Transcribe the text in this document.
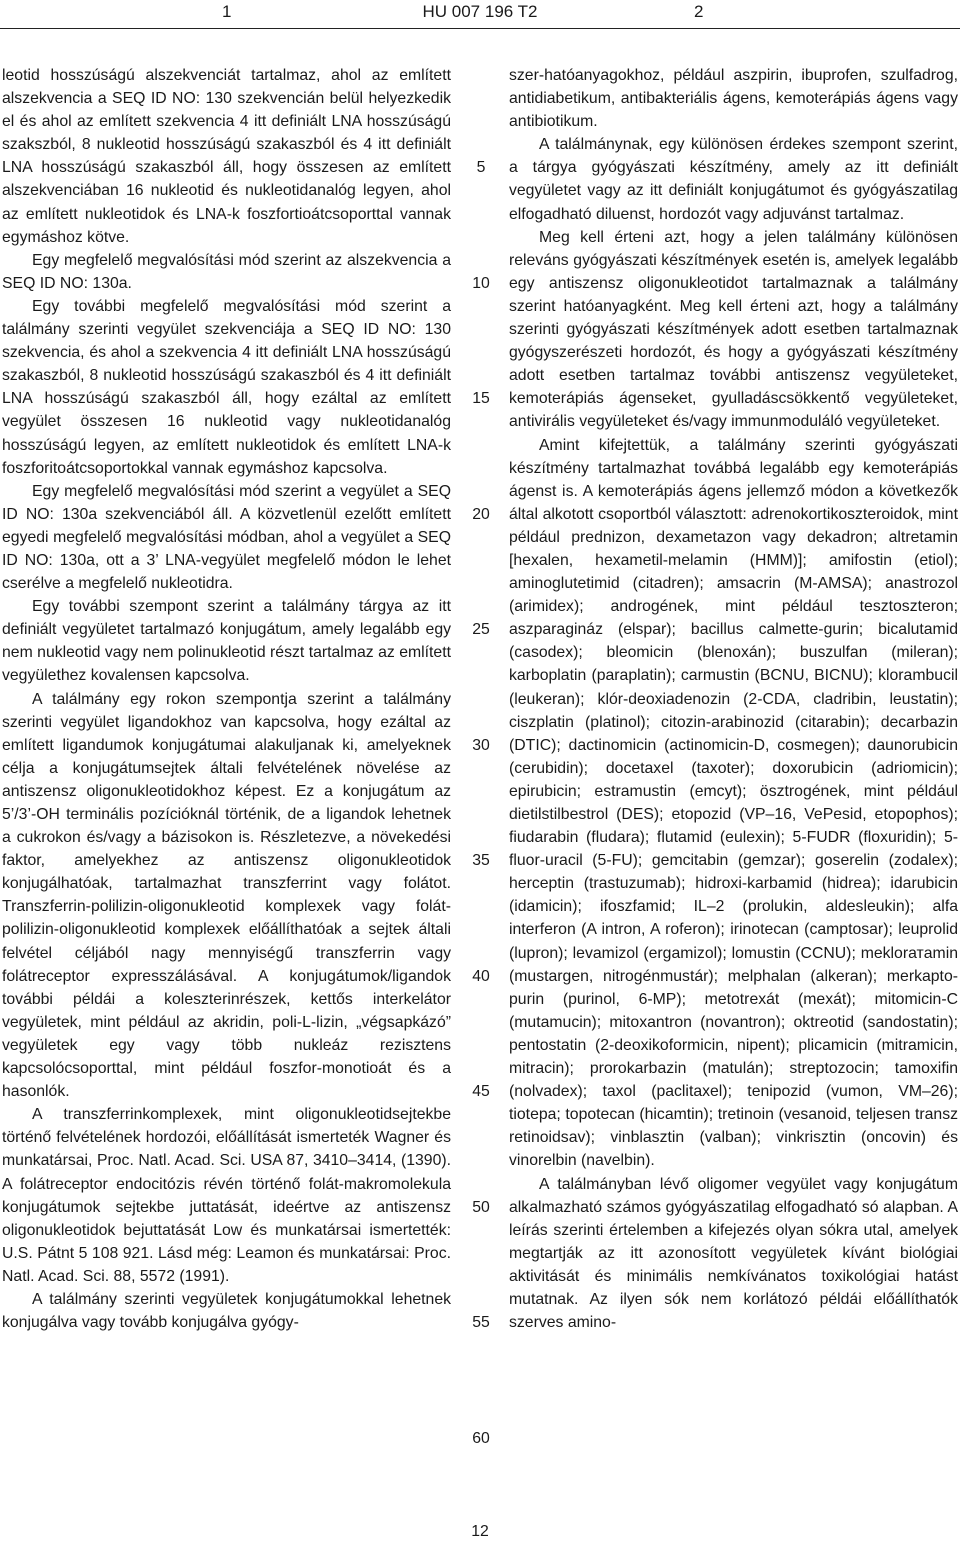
1	HU 007 196 T2	2

leotid hosszúságú alszekvenciát tartalmaz, ahol az említett alszekvencia a SEQ ID NO: 130 szekvencián belül helyezkedik el és ahol az említett szekvencia 4 itt definiált LNA hosszúságú szakszból, 8 nukleotid hosszúságú szakaszból és 4 itt definiált LNA hosszúságú szakaszból áll, hogy összesen az említett alszekvenciában 16 nukleotid és nukleotidanalóg legyen, ahol az említett nukleotidok és LNA-k foszfortioátcsoporttal vannak egymáshoz kötve.

Egy megfelelő megvalósítási mód szerint az alszekvencia a SEQ ID NO: 130a.

Egy további megfelelő megvalósítási mód szerint a találmány szerinti vegyület szekvenciája a SEQ ID NO: 130 szekvencia, és ahol a szekvencia 4 itt definiált LNA hosszúságú szakaszból, 8 nukleotid hosszúságú szakaszból és 4 itt definiált LNA hosszúságú szakaszból áll, hogy ezáltal az említett vegyület összesen 16 nukleotid vagy nukleotidanalóg hosszúságú legyen, az említett nukleotidok és említett LNA-k foszforitoátcsoportokkal vannak egymáshoz kapcsolva.

Egy megfelelő megvalósítási mód szerint a vegyület a SEQ ID NO: 130a szekvenciából áll. A közvetlenül ezelőtt említett egyedi megfelelő megvalósítási módban, ahol a vegyület a SEQ ID NO: 130a, ott a 3’ LNA-vegyület megfelelő módon le lehet cserélve a megfelelő nukleotidra.

Egy további szempont szerint a találmány tárgya az itt definiált vegyületet tartalmazó konjugátum, amely legalább egy nem nukleotid vagy nem polinukleotid részt tartalmaz az említett vegyülethez kovalensen kapcsolva.

A találmány egy rokon szempontja szerint a találmány szerinti vegyület ligandokhoz van kapcsolva, hogy ezáltal az említett ligandumok konjugátumai alakuljanak ki, amelyeknek célja a konjugátumsejtek általi felvételének növelése az antiszensz oligonukleotidokhoz képest. Ez a konjugátum az 5’/3’-OH terminális pozícióknál történik, de a ligandok lehetnek a cukrokon és/vagy a bázisokon is. Részletezve, a növekedési faktor, amelyekhez az antiszensz oligonukleotidok konjugálhatóak, tartalmazhat transzferrint vagy folátot. Transzferrin-polilizin-oligonukleotid komplexek vagy folát-polilizin-oligonukleotid komplexek előállíthatóak a sejtek általi felvétel céljából nagy mennyiségű transzferrin vagy folátreceptor expresszálásával. A konjugátumok/ligandok további példái a koleszterinrészek, kettős interkelátor vegyületek, mint például az akridin, poli-L-lizin, „végsapkázó” vegyületek egy vagy több nukleáz rezisztens kapcsolócsoporttal, mint például foszfor-monotioát és a hasonlók.

A transzferrinkomplexek, mint oligonukleotidsejtekbe történő felvételének hordozói, előállítását ismerteték Wagner és munkatársai, Proc. Natl. Acad. Sci. USA 87, 3410–3414, (1390). A folátreceptor endocitózis révén történő folát-makromolekula konjugátumok sejtekbe juttatását, ideértve az antiszensz oligonukleotidok bejuttatását Low és munkatársai ismertették: U.S. Pátnt 5 108 921. Lásd még: Leamon és munkatársai: Proc. Natl. Acad. Sci. 88, 5572 (1991).

A találmány szerinti vegyületek konjugátumokkal lehetnek konjugálva vagy tovább konjugálva gyógy-

5
10
15
20
25
30
35
40
45
50
55
60

szer-hatóanyagokhoz, például aszpirin, ibuprofen, szulfadrog, antidiabetikum, antibakteriális ágens, kemoterápiás ágens vagy antibiotikum.

A találmánynak, egy különösen érdekes szempont szerint, a tárgya gyógyászati készítmény, amely az itt definiált vegyületet vagy az itt definiált konjugátumot és gyógyászatilag elfogadható diluenst, hordozót vagy adjuvánst tartalmaz.

Meg kell érteni azt, hogy a jelen találmány különösen releváns gyógyászati készítmények esetén is, amelyek legalább egy antiszensz oligonukleotidot tartalmaznak a találmány szerint hatóanyagként. Meg kell érteni azt, hogy a találmány szerinti gyógyászati készítmények adott esetben tartalmaznak gyógyszerészeti hordozót, és hogy a gyógyászati készítmény adott esetben tartalmaz további antiszensz vegyületeket, kemoterápiás ágenseket, gyulladáscsökkentő vegyületeket, antivirális vegyületeket és/vagy immunmoduláló vegyületeket.

Amint kifejtettük, a találmány szerinti gyógyászati készítmény tartalmazhat továbbá legalább egy kemoterápiás ágenst is. A kemoterápiás ágens jellemző módon a következők által alkotott csoportból választott: adrenokortikoszteroidok, mint például prednizon, dexametazon vagy dekadron; altretamin [hexalen, hexametil-melamin (HMM)]; amifostin (etiol); aminoglutetimid (citadren); amsacrin (M-AMSA); anastrozol (arimidex); androgének, mint például tesztoszteron; aszparagináz (elspar); bacillus calmette-gurin; bicalutamid (casodex); bleomicin (blenoxán); buszulfan (mileran); karboplatin (paraplatin); carmustin (BCNU, BICNU); klorambucil (leukeran); klór-deoxiadenozin (2-CDA, cladribin, leustatin); ciszplatin (platinol); citozin-arabinozid (citarabin); decarbazin (DTIC); dactinomicin (actinomicin-D, cosmegen); daunorubicin (cerubidin); docetaxel (taxoter); doxorubicin (adriomicin); epirubicin; estramustin (emcyt); ösztrogének, mint például dietilstilbestrol (DES); etopozid (VP–16, VePesid, etopophos); fiudarabin (fludara); flutamid (eulexin); 5-FUDR (floxuridin); 5-fluor-uracil (5-FU); gemcitabin (gemzar); goserelin (zodalex); herceptin (trastuzumab); hidroxi-karbamid (hidrea); idarubicin (idamicin); ifoszfamid; IL–2 (prolukin, aldesleukin); alfa interferon (A intron, A roferon); irinotecan (camptosar); leuprolid (lupron); levamizol (ergamizol); lomustin (CCNU); meklorатamin (mustargen, nitrogénmustár); melphalan (alkeran); merkapto-purin (purinol, 6-MP); metotrexát (mexát); mitomicin-C (mutamucin); mitoxantron (novantron); oktreotid (sandostatin); pentostatin (2-deoxikoformicin, nipent); plicamicin (mitramicin, mitracin); prorokarbazin (matulán); streptozocin; tamoxifin (nolvadex); taxol (paclitaxel); tenipozid (vumon, VM–26); tiotepa; topotecan (hicamtin); tretinoin (vesanoid, teljesen transz retinoidsav); vinblasztin (valban); vinkrisztin (oncovin) és vinorelbin (navelbin).

A találmányban lévő oligomer vegyület vagy konjugátum alkalmazható számos gyógyászatilag elfogadható só alapban. A leírás szerinti értelemben a kifejezés olyan sókra utal, amelyek megtartják az itt azonosított vegyületek kívánt biológiai aktivitását és minimális nemkívánatos toxikológiai hatást mutatnak. Az ilyen sók nem korlátozó példái előállíthatók szerves amino-

12
